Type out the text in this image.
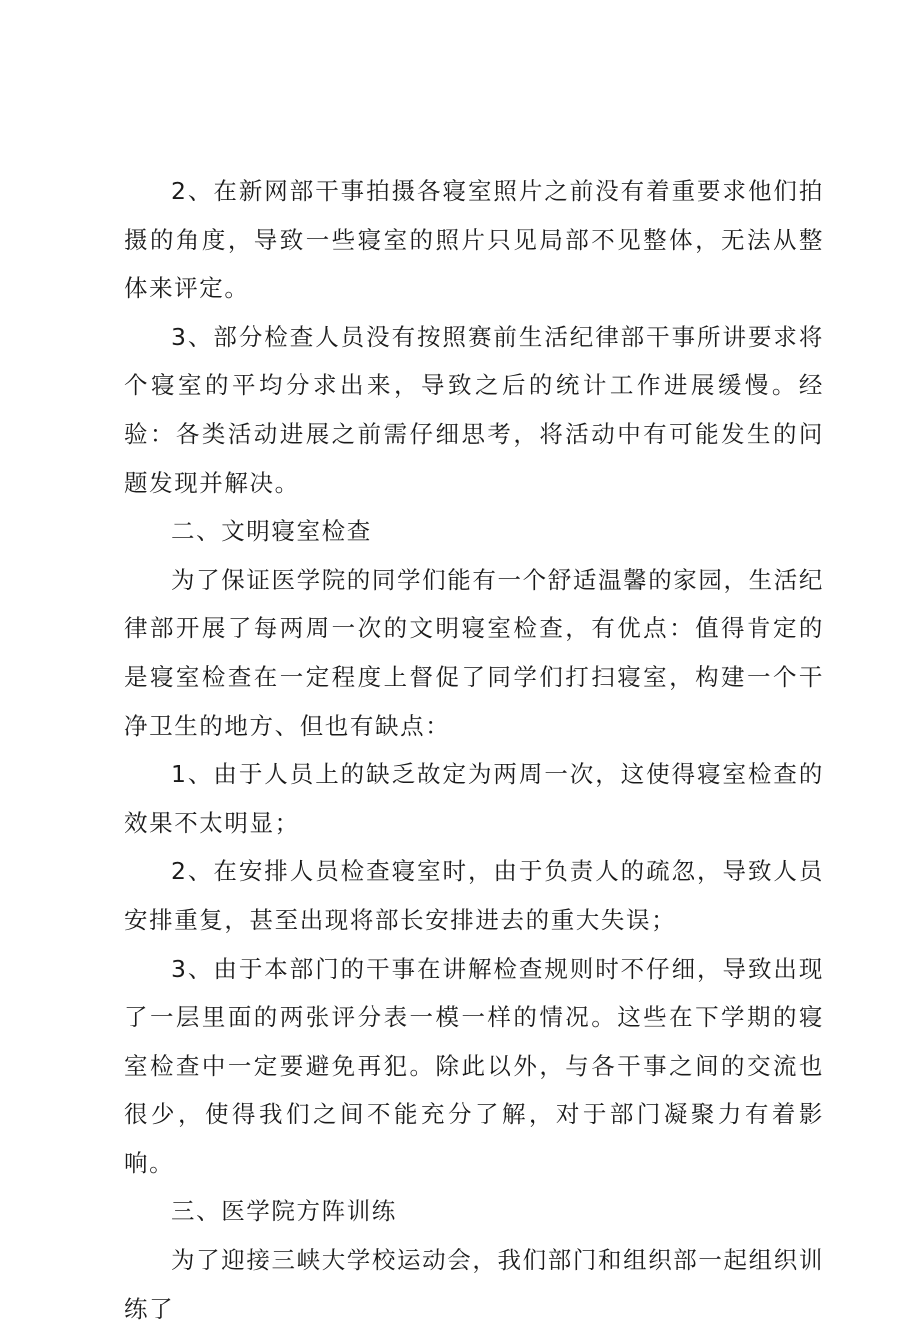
2、在新网部干事拍摄各寝室照片之前没有着重要求他们拍摄的角度，导致一些寝室的照片只见局部不见整体，无法从整体来评定。

3、部分检查人员没有按照赛前生活纪律部干事所讲要求将个寝室的平均分求出来，导致之后的统计工作进展缓慢。经验：各类活动进展之前需仔细思考，将活动中有可能发生的问题发现并解决。

二、文明寝室检查

为了保证医学院的同学们能有一个舒适温馨的家园，生活纪律部开展了每两周一次的文明寝室检查，有优点：值得肯定的是寝室检查在一定程度上督促了同学们打扫寝室，构建一个干净卫生的地方、但也有缺点：

1、由于人员上的缺乏故定为两周一次，这使得寝室检查的效果不太明显；

2、在安排人员检查寝室时，由于负责人的疏忽，导致人员安排重复，甚至出现将部长安排进去的重大失误；

3、由于本部门的干事在讲解检查规则时不仔细，导致出现了一层里面的两张评分表一模一样的情况。这些在下学期的寝室检查中一定要避免再犯。除此以外，与各干事之间的交流也很少，使得我们之间不能充分了解，对于部门凝聚力有着影响。

三、医学院方阵训练

为了迎接三峡大学校运动会，我们部门和组织部一起组织训练了
